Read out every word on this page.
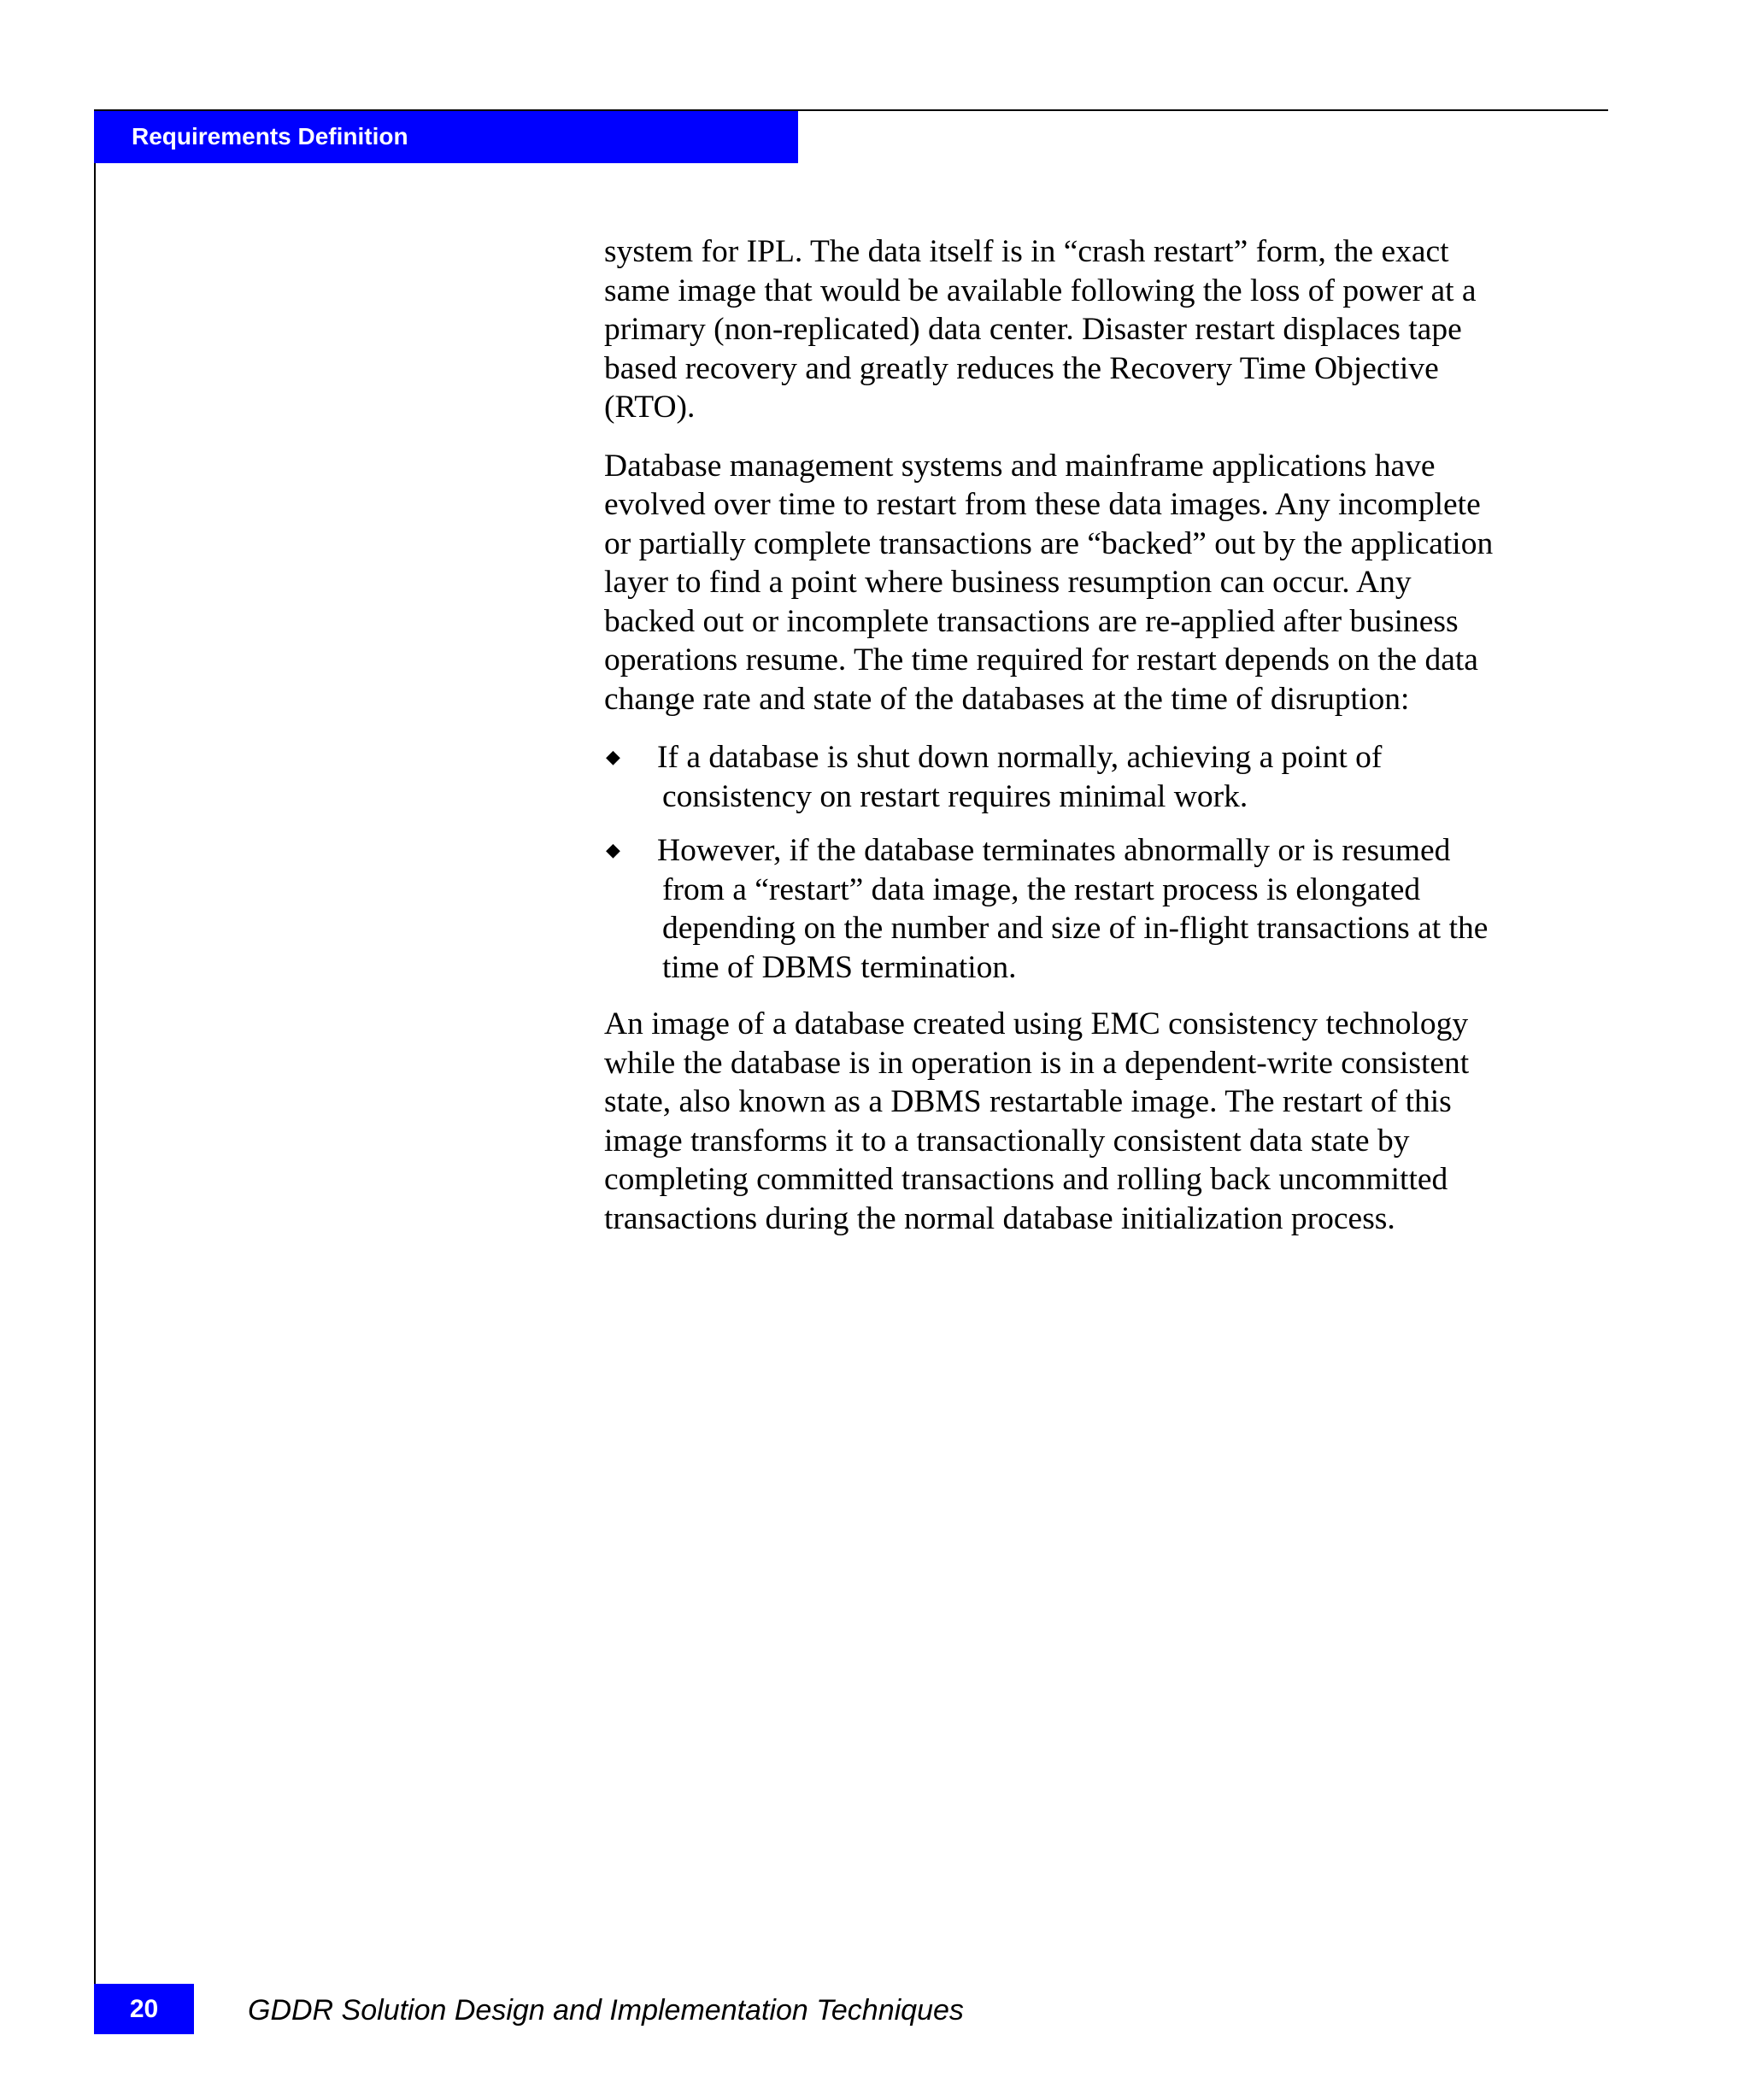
Requirements Definition

system for IPL. The data itself is in “crash restart” form, the exact
same image that would be available following the loss of power at a
primary (non-replicated) data center. Disaster restart displaces tape
based recovery and greatly reduces the Recovery Time Objective
(RTO).

Database management systems and mainframe applications have
evolved over time to restart from these data images. Any incomplete
or partially complete transactions are “backed” out by the application
layer to find a point where business resumption can occur. Any
backed out or incomplete transactions are re-applied after business
operations resume. The time required for restart depends on the data
change rate and state of the databases at the time of disruption:

◆ If a database is shut down normally, achieving a point of
consistency on restart requires minimal work.
◆ However, if the database terminates abnormally or is resumed
from a “restart” data image, the restart process is elongated
depending on the number and size of in-flight transactions at the
time of DBMS termination.

An image of a database created using EMC consistency technology
while the database is in operation is in a dependent-write consistent
state, also known as a DBMS restartable image. The restart of this
image transforms it to a transactionally consistent data state by
completing committed transactions and rolling back uncommitted
transactions during the normal database initialization process.

20	GDDR Solution Design and Implementation Techniques
